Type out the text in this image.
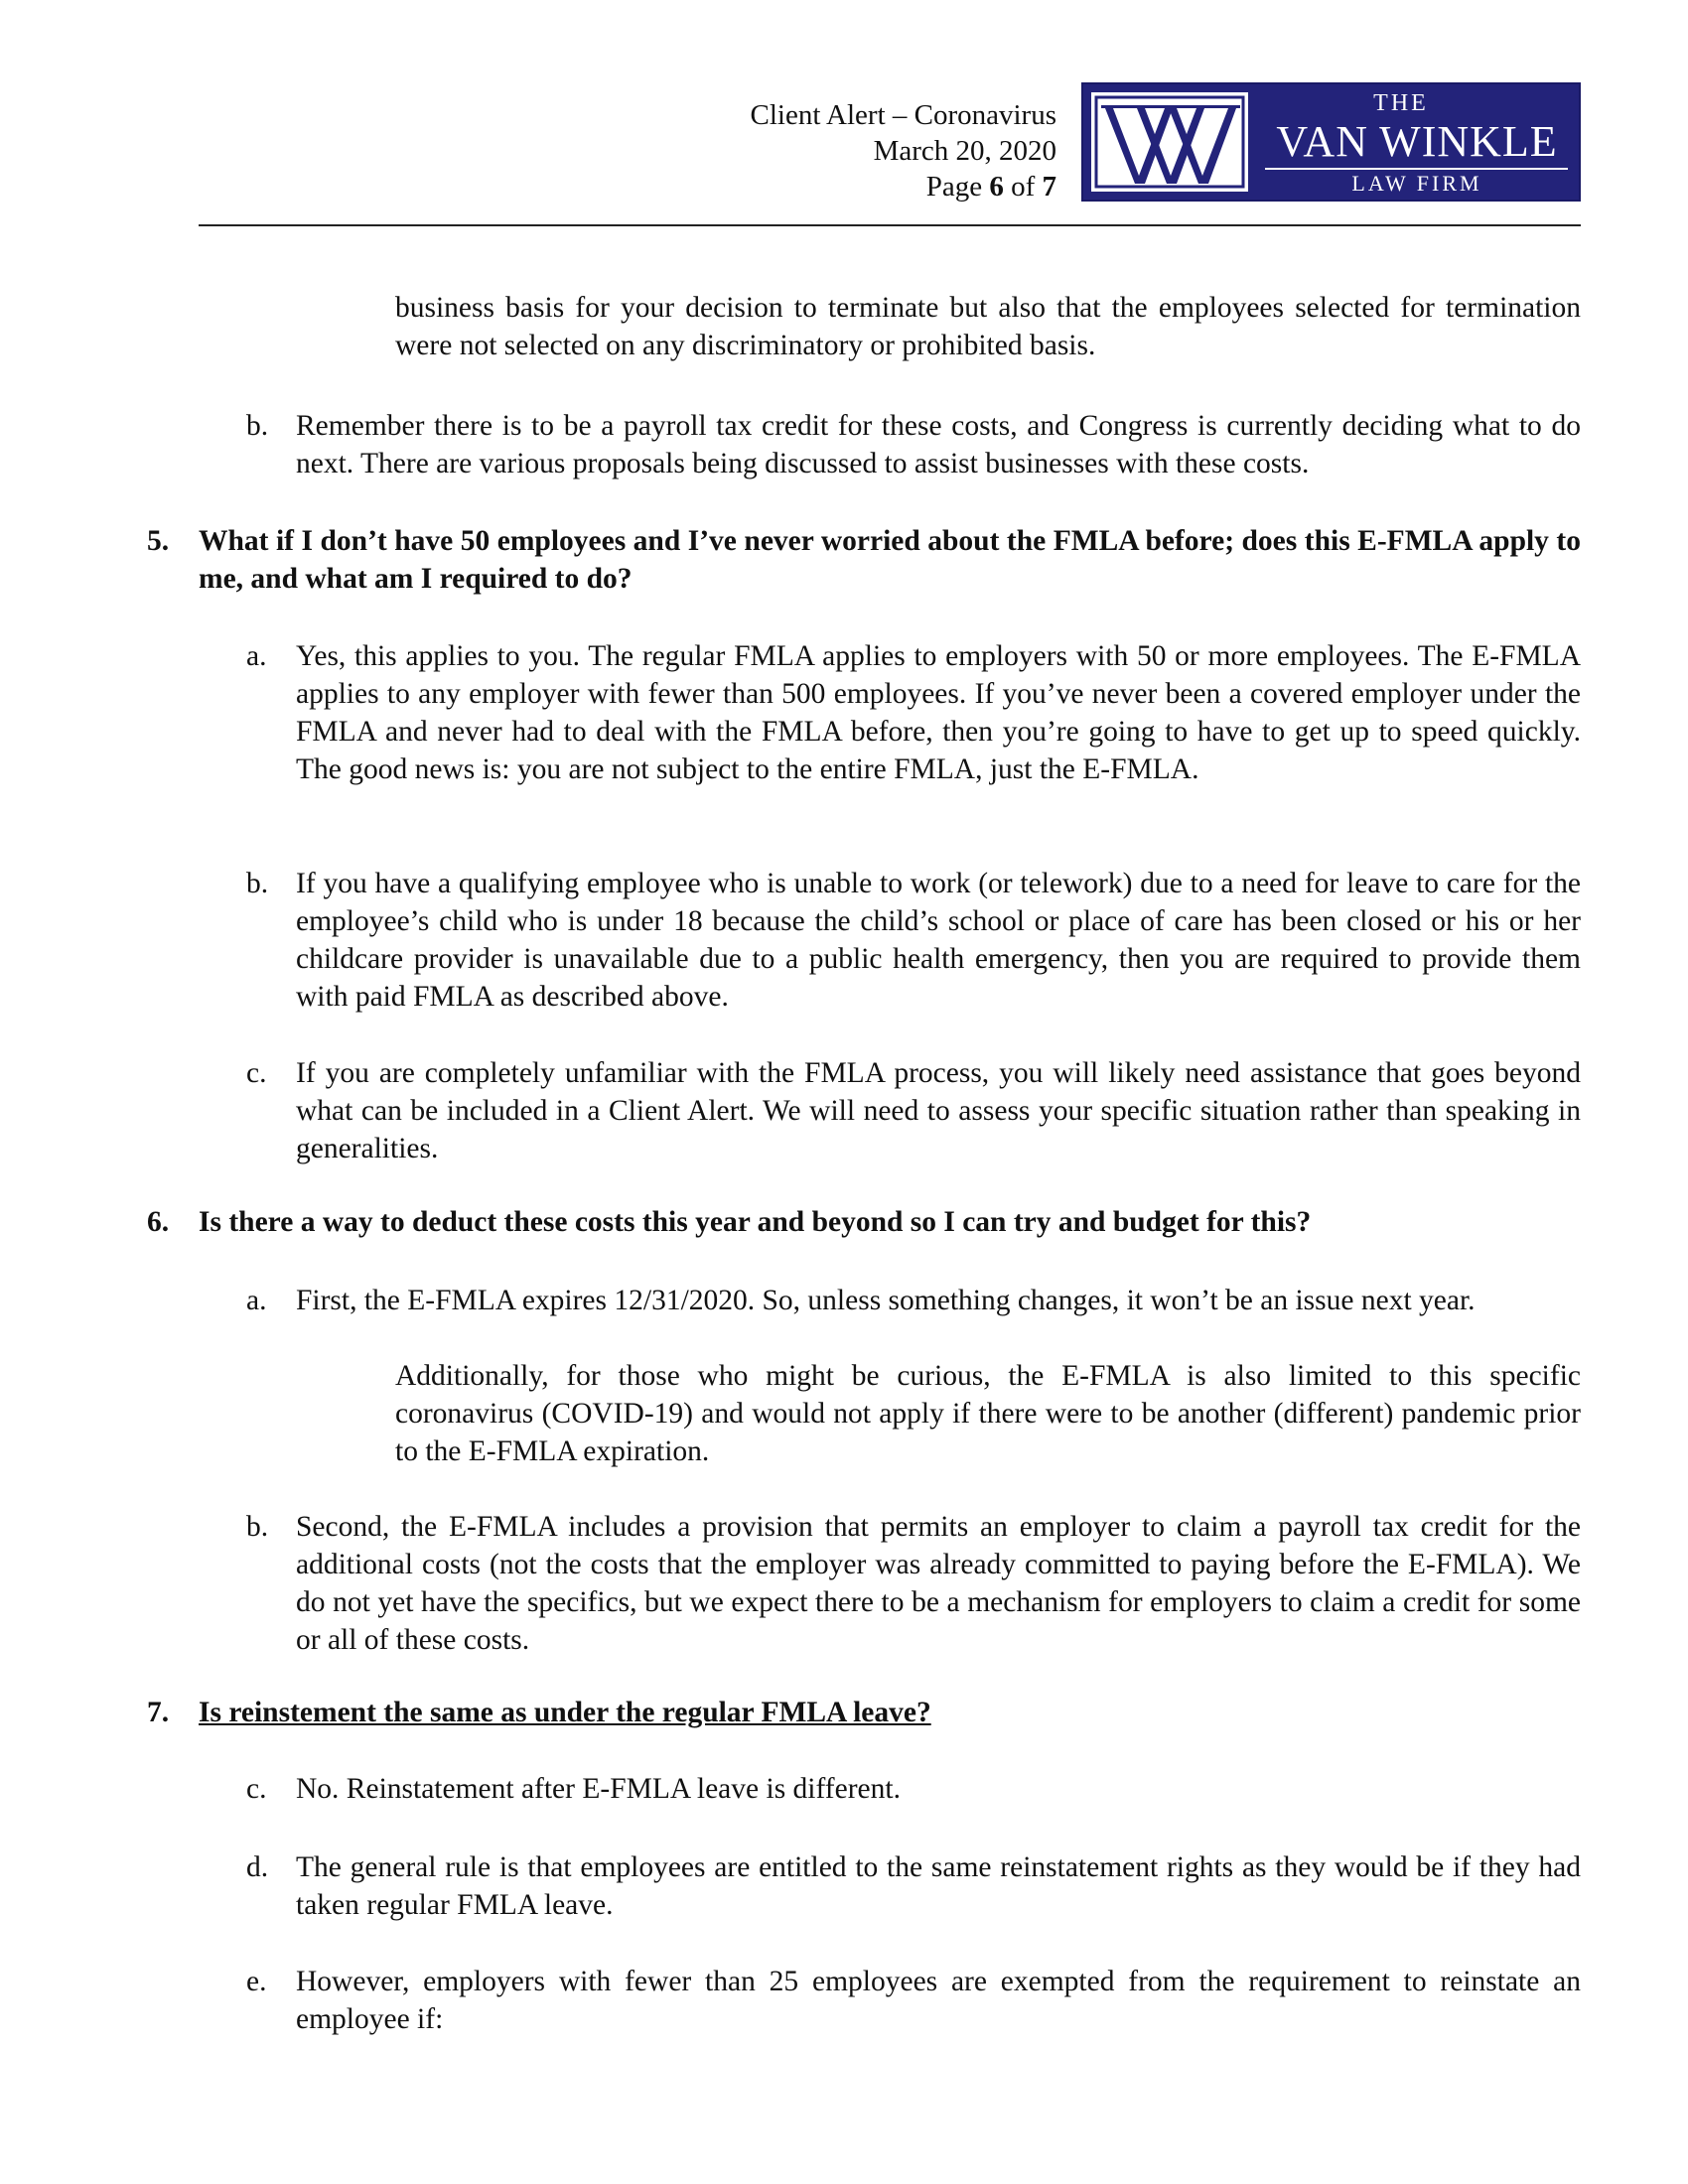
Client Alert – Coronavirus
March 20, 2020
Page 6 of 7
THE
VAN WINKLE
LAW FIRM

business basis for your decision to terminate but also that the employees selected for termination were not selected on any discriminatory or prohibited basis.

b. Remember there is to be a payroll tax credit for these costs, and Congress is currently deciding what to do next. There are various proposals being discussed to assist businesses with these costs.

5. What if I don’t have 50 employees and I’ve never worried about the FMLA before; does this E-FMLA apply to me, and what am I required to do?

a. Yes, this applies to you. The regular FMLA applies to employers with 50 or more employees. The E-FMLA applies to any employer with fewer than 500 employees. If you’ve never been a covered employer under the FMLA and never had to deal with the FMLA before, then you’re going to have to get up to speed quickly. The good news is: you are not subject to the entire FMLA, just the E-FMLA.

b. If you have a qualifying employee who is unable to work (or telework) due to a need for leave to care for the employee’s child who is under 18 because the child’s school or place of care has been closed or his or her childcare provider is unavailable due to a public health emergency, then you are required to provide them with paid FMLA as described above.

c. If you are completely unfamiliar with the FMLA process, you will likely need assistance that goes beyond what can be included in a Client Alert. We will need to assess your specific situation rather than speaking in generalities.

6. Is there a way to deduct these costs this year and beyond so I can try and budget for this?

a. First, the E-FMLA expires 12/31/2020. So, unless something changes, it won’t be an issue next year.

Additionally, for those who might be curious, the E-FMLA is also limited to this specific coronavirus (COVID-19) and would not apply if there were to be another (different) pandemic prior to the E-FMLA expiration.

b. Second, the E-FMLA includes a provision that permits an employer to claim a payroll tax credit for the additional costs (not the costs that the employer was already committed to paying before the E-FMLA). We do not yet have the specifics, but we expect there to be a mechanism for employers to claim a credit for some or all of these costs.

7. Is reinstement the same as under the regular FMLA leave?

c. No. Reinstatement after E-FMLA leave is different.

d. The general rule is that employees are entitled to the same reinstatement rights as they would be if they had taken regular FMLA leave.

e. However, employers with fewer than 25 employees are exempted from the requirement to reinstate an employee if:
